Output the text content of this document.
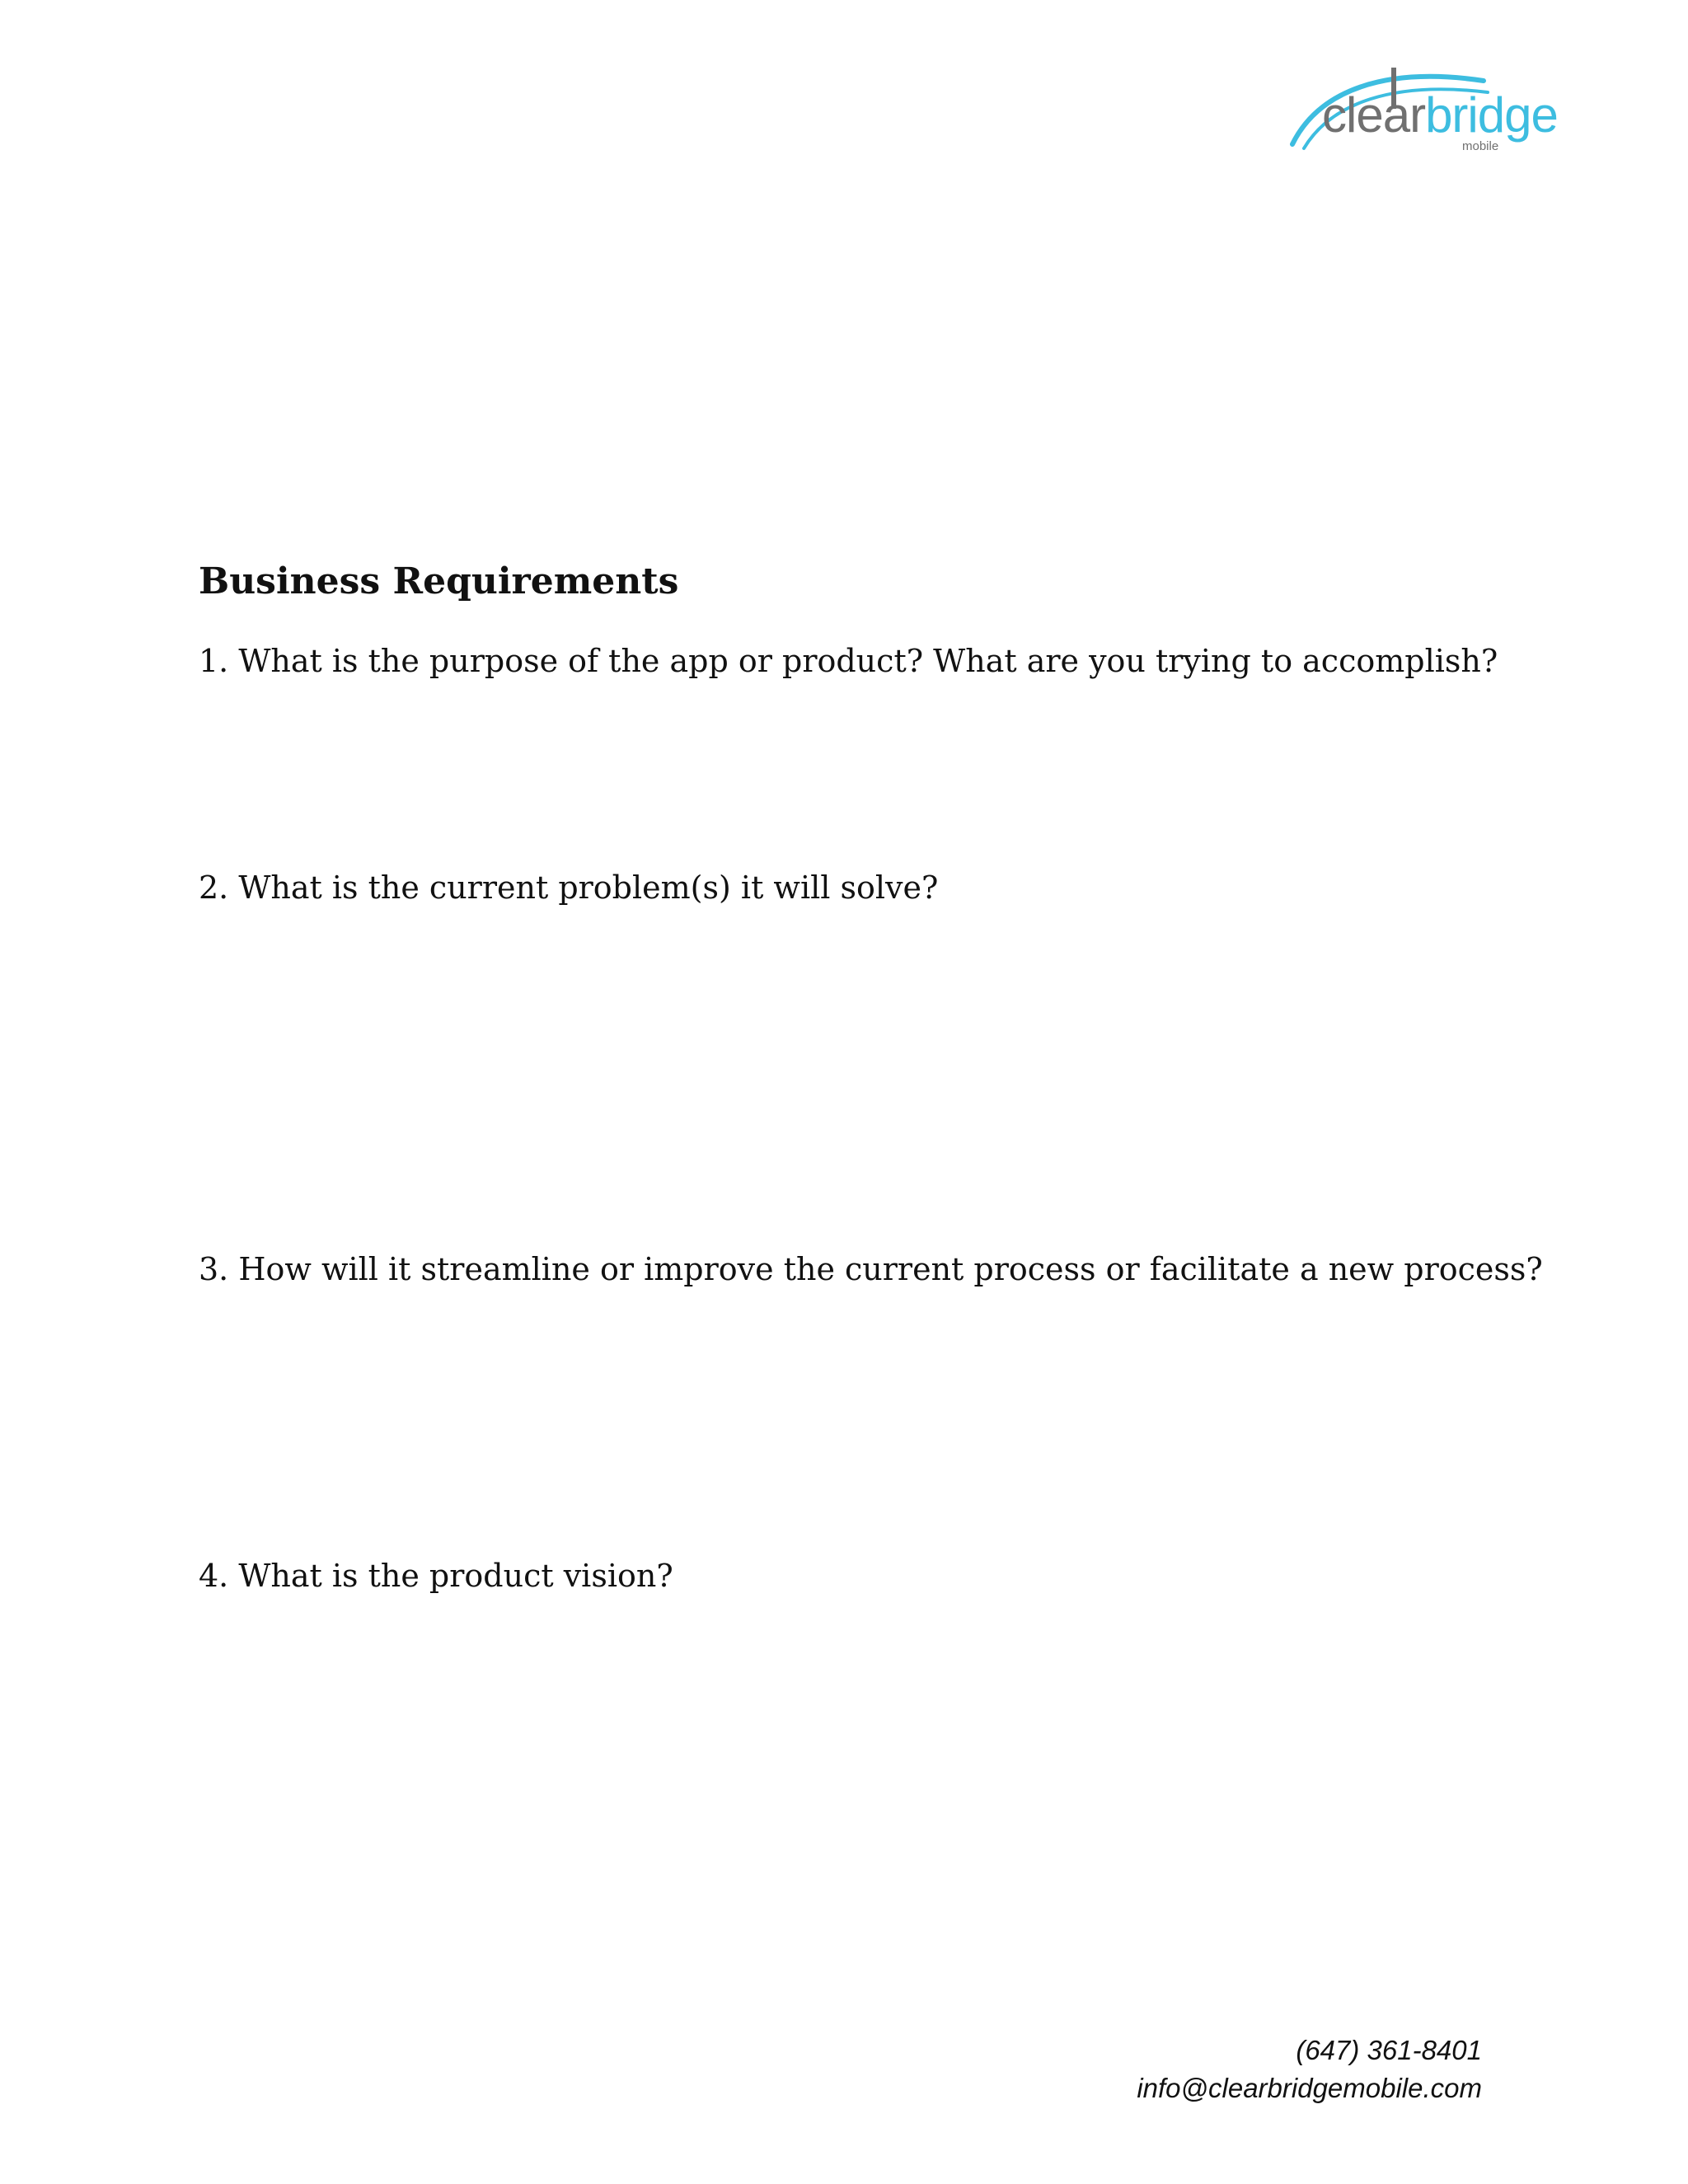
clearbridge
mobile
Business Requirements

1. What is the purpose of the app or product? What are you trying to accomplish?

2. What is the current problem(s) it will solve?

3. How will it streamline or improve the current process or facilitate a new process?

4. What is the product vision?

(647) 361-8401
info@clearbridgemobile.com
